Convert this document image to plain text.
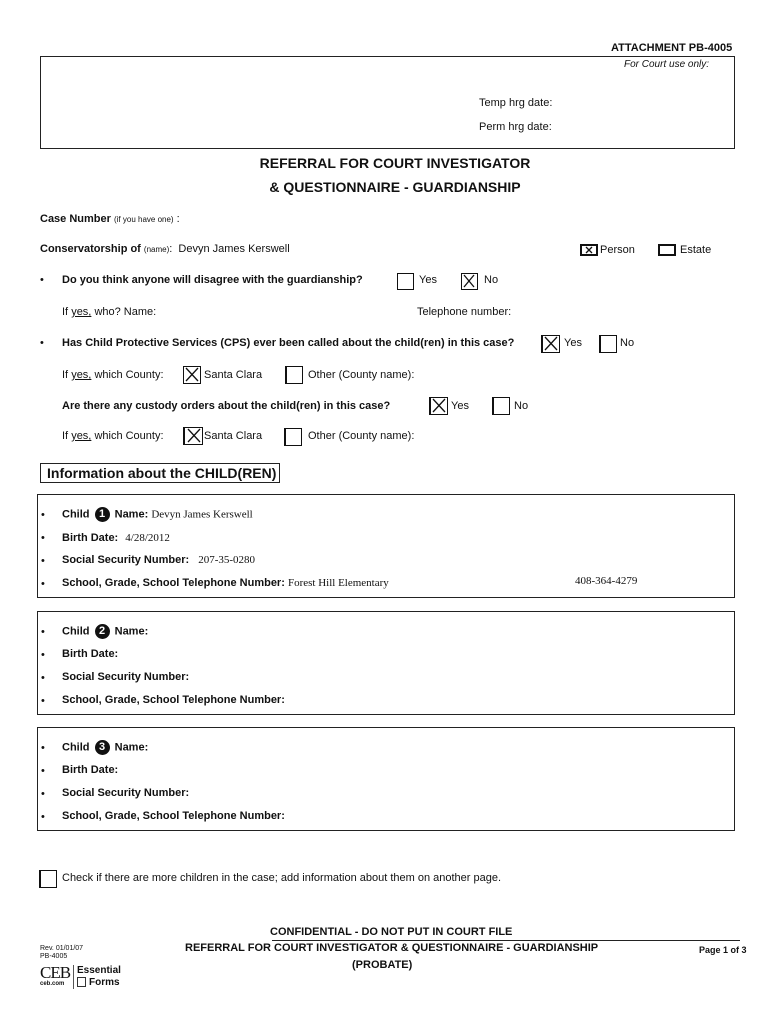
ATTACHMENT PB-4005
For Court use only:
Temp hrg date:
Perm hrg date:
REFERRAL FOR COURT INVESTIGATOR
& QUESTIONNAIRE - GUARDIANSHIP
Case Number (if you have one) :
Conservatorship of (name): Devyn James Kerswell	Person	Estate
• Do you think anyone will disagree with the guardianship?	Yes	No
If yes, who? Name:	Telephone number:
• Has Child Protective Services (CPS) ever been called about the child(ren) in this case?	Yes	No
If yes, which County:	Santa Clara	Other (County name):
Are there any custody orders about the child(ren) in this case?	Yes	No
If yes, which County:	Santa Clara	Other (County name):
Information about the CHILD(REN)
• Child 1 Name: Devyn James Kerswell
• Birth Date: 4/28/2012
• Social Security Number: 207-35-0280
• School, Grade, School Telephone Number: Forest Hill Elementary	408-364-4279
• Child 2 Name:
• Birth Date:
• Social Security Number:
• School, Grade, School Telephone Number:
• Child 3 Name:
• Birth Date:
• Social Security Number:
• School, Grade, School Telephone Number:
Check if there are more children in the case; add information about them on another page.
CONFIDENTIAL - DO NOT PUT IN COURT FILE
REFERRAL FOR COURT INVESTIGATOR & QUESTIONNAIRE - GUARDIANSHIP
(PROBATE)
Rev. 01/01/07
PB-4005
Page 1 of 3
CEB
ceb.com
Essential
Forms
